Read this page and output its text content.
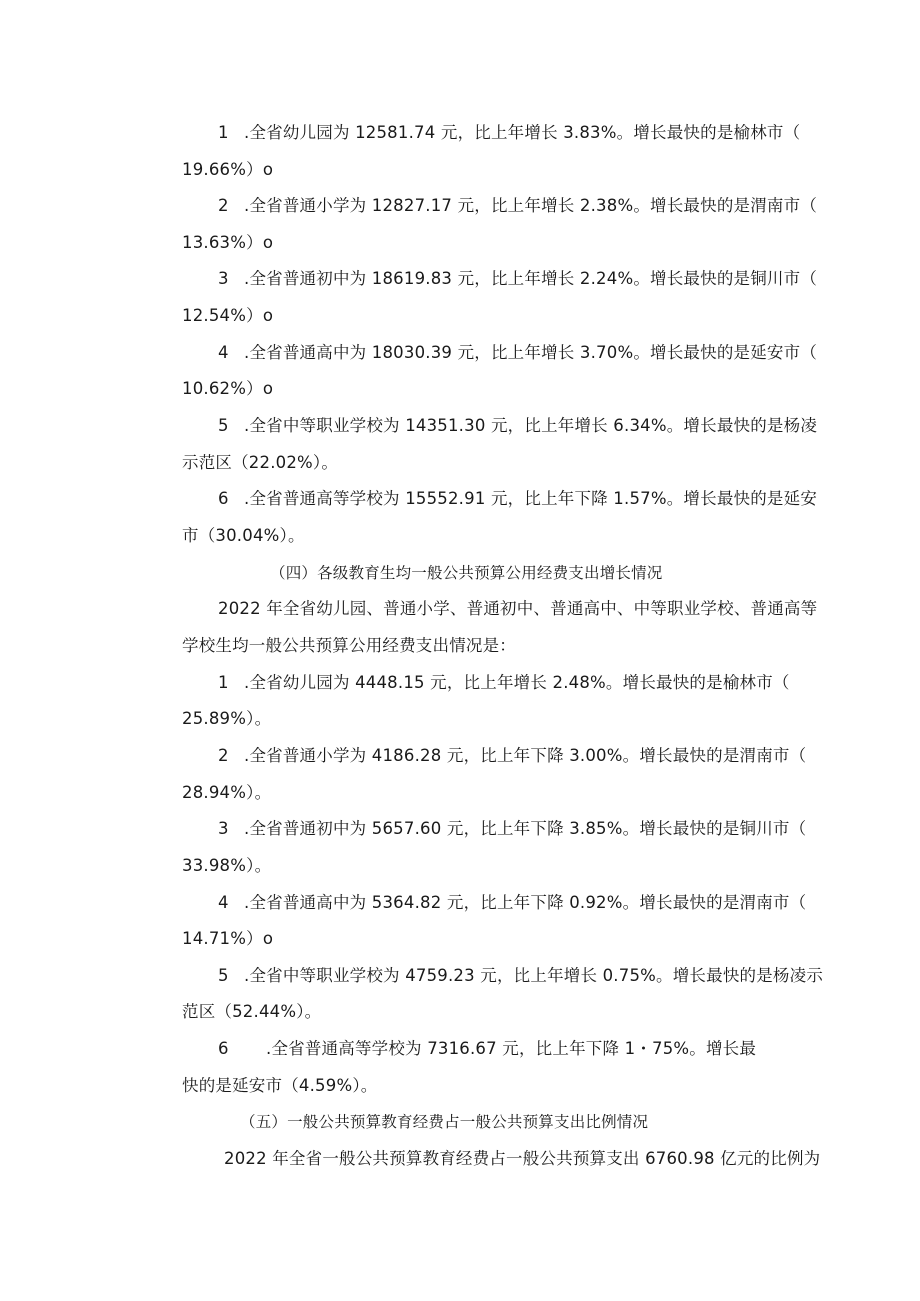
1 .全省幼儿园为 12581.74 元，比上年增长 3.83%。增长最快的是榆林市（
19.66%）o
2 .全省普通小学为 12827.17 元，比上年增长 2.38%。增长最快的是渭南市（
13.63%）o
3 .全省普通初中为 18619.83 元，比上年增长 2.24%。增长最快的是铜川市（
12.54%）o
4 .全省普通高中为 18030.39 元，比上年增长 3.70%。增长最快的是延安市（
10.62%）o
5 .全省中等职业学校为 14351.30 元，比上年增长 6.34%。增长最快的是杨凌
示范区（22.02%）。
6 .全省普通高等学校为 15552.91 元，比上年下降 1.57%。增长最快的是延安
市（30.04%）。
（四）各级教育生均一般公共预算公用经费支出增长情况
2022 年全省幼儿园、普通小学、普通初中、普通高中、中等职业学校、普通高等
学校生均一般公共预算公用经费支出情况是：
1 .全省幼儿园为 4448.15 元，比上年增长 2.48%。增长最快的是榆林市（
25.89%）。
2 .全省普通小学为 4186.28 元，比上年下降 3.00%。增长最快的是渭南市（
28.94%）。
3 .全省普通初中为 5657.60 元，比上年下降 3.85%。增长最快的是铜川市（
33.98%）。
4 .全省普通高中为 5364.82 元，比上年下降 0.92%。增长最快的是渭南市（
14.71%）o
5 .全省中等职业学校为 4759.23 元，比上年增长 0.75%。增长最快的是杨凌示
范区（52.44%）。
6 .全省普通高等学校为 7316.67 元，比上年下降 1・75%。增长最
快的是延安市（4.59%）。
（五）一般公共预算教育经费占一般公共预算支出比例情况
2022 年全省一般公共预算教育经费占一般公共预算支出 6760.98 亿元的比例为
